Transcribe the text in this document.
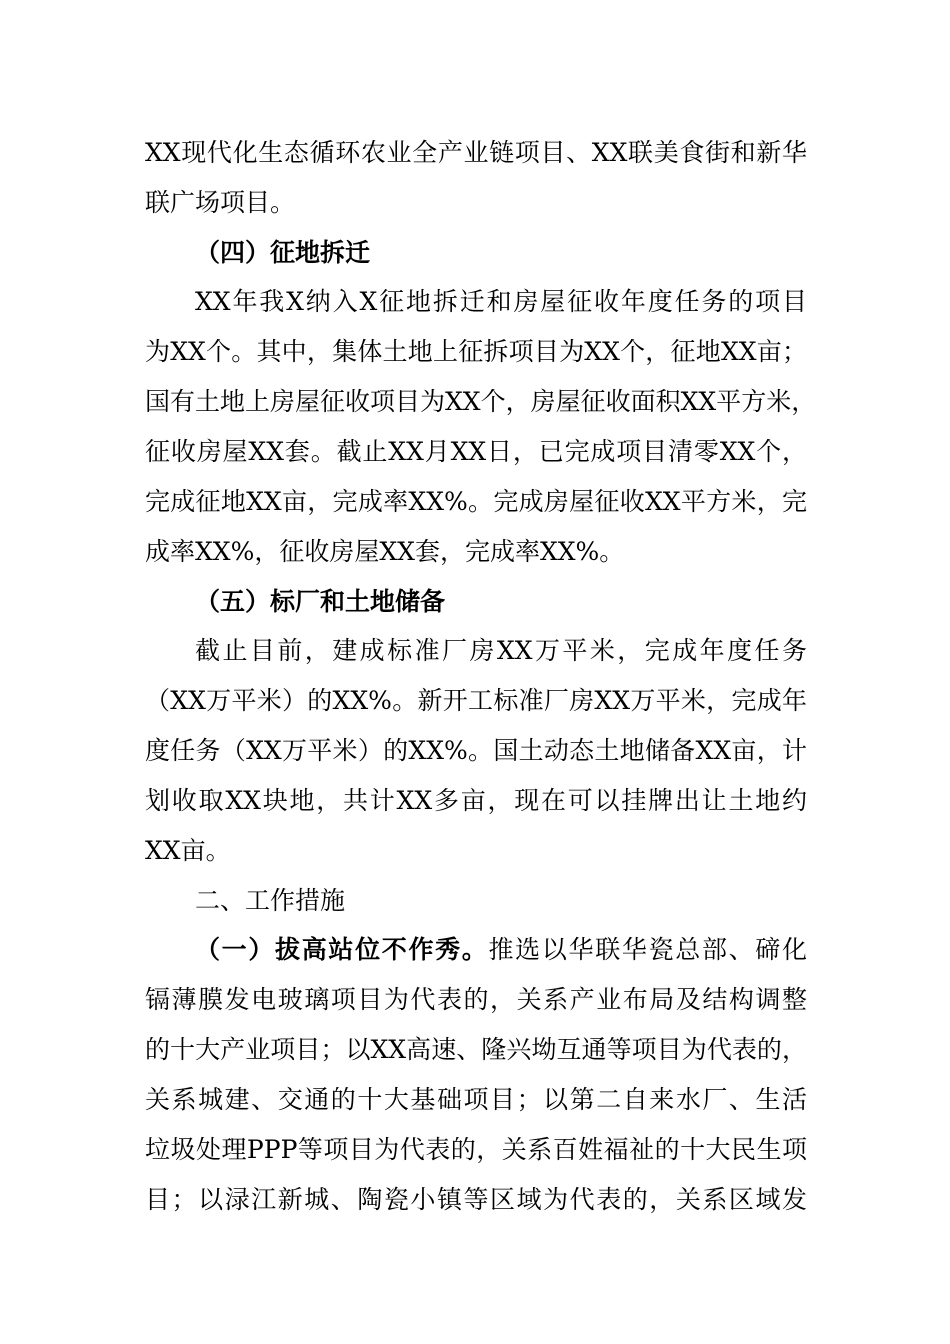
XX现代化生态循环农业全产业链项目、XX联美食街和新华
联广场项目。
（四）征地拆迁
XX年我X纳入X征地拆迁和房屋征收年度任务的项目
为XX个。其中，集体土地上征拆项目为XX个，征地XX亩；
国有土地上房屋征收项目为XX个，房屋征收面积XX平方米，
征收房屋XX套。截止XX月XX日，已完成项目清零XX个，
完成征地XX亩，完成率XX%。完成房屋征收XX平方米，完
成率XX%，征收房屋XX套，完成率XX%。
（五）标厂和土地储备
截止目前，建成标准厂房XX万平米，完成年度任务
（XX万平米）的XX%。新开工标准厂房XX万平米，完成年
度任务（XX万平米）的XX%。国土动态土地储备XX亩，计
划收取XX块地，共计XX多亩，现在可以挂牌出让土地约
XX亩。
二、工作措施
（一）拔高站位不作秀。推选以华联华瓷总部、碲化
镉薄膜发电玻璃项目为代表的，关系产业布局及结构调整
的十大产业项目；以XX高速、隆兴坳互通等项目为代表的，
关系城建、交通的十大基础项目；以第二自来水厂、生活
垃圾处理PPP等项目为代表的，关系百姓福祉的十大民生项
目；以渌江新城、陶瓷小镇等区域为代表的，关系区域发
